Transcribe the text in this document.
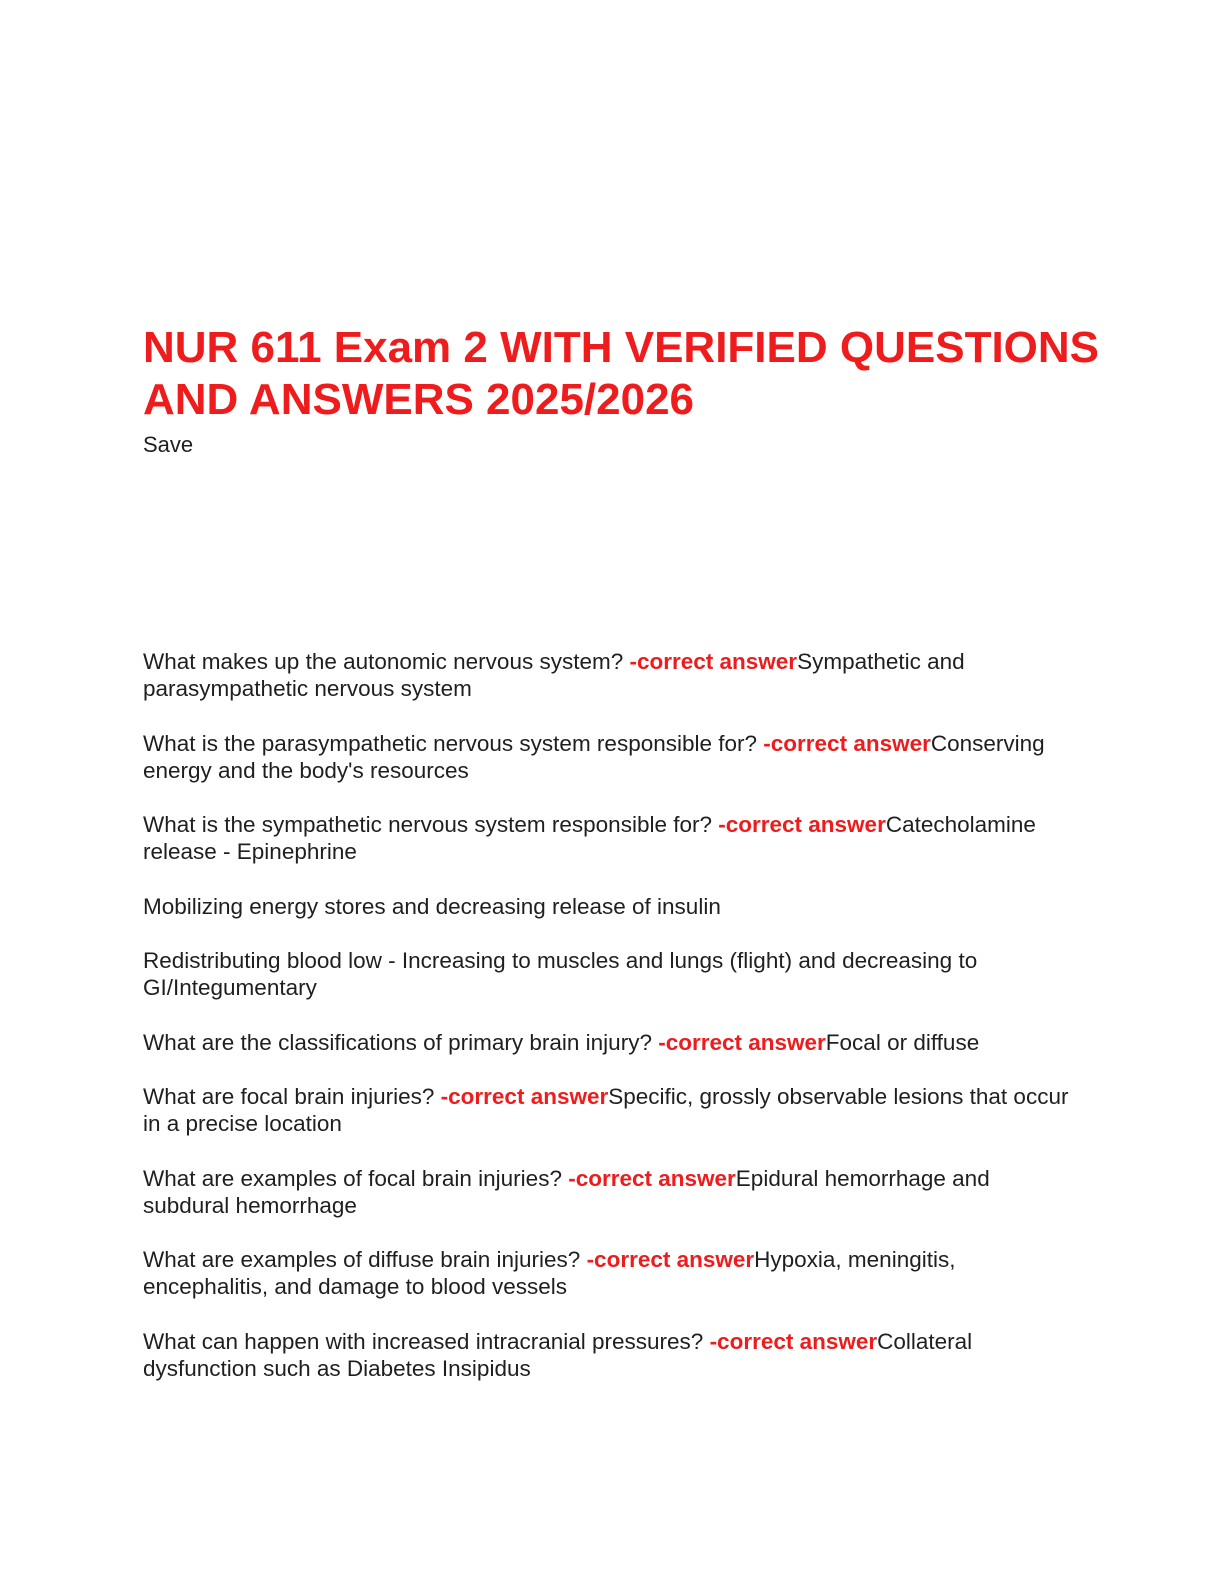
NUR 611 Exam 2 WITH VERIFIED QUESTIONS AND ANSWERS 2025/2026

Save

What makes up the autonomic nervous system? -correct answerSympathetic and parasympathetic nervous system

What is the parasympathetic nervous system responsible for? -correct answerConserving energy and the body's resources

What is the sympathetic nervous system responsible for? -correct answerCatecholamine release - Epinephrine

Mobilizing energy stores and decreasing release of insulin

Redistributing blood low - Increasing to muscles and lungs (flight) and decreasing to GI/Integumentary

What are the classifications of primary brain injury? -correct answerFocal or diffuse

What are focal brain injuries? -correct answerSpecific, grossly observable lesions that occur in a precise location

What are examples of focal brain injuries? -correct answerEpidural hemorrhage and subdural hemorrhage

What are examples of diffuse brain injuries? -correct answerHypoxia, meningitis, encephalitis, and damage to blood vessels

What can happen with increased intracranial pressures? -correct answerCollateral dysfunction such as Diabetes Insipidus
